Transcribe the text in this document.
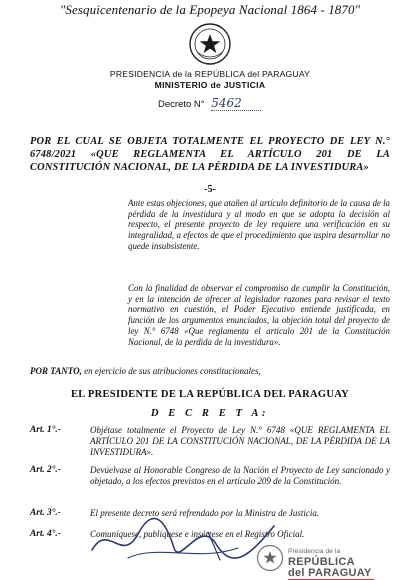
"Sesquicentenario de la Epopeya Nacional 1864 - 1870"
PRESIDENCIA de la REPÚBLICA del PARAGUAY
MINISTERIO de JUSTICIA
Decreto N° 5462
POR EL CUAL SE OBJETA TOTALMENTE EL PROYECTO DE LEY N.° 6748/2021 «QUE REGLAMENTA EL ARTÍCULO 201 DE LA CONSTITUCIÓN NACIONAL, DE LA PÉRDIDA DE LA INVESTIDURA»
-5-
Ante estas objeciones, que atañen al artículo definitorio de la causa de la pérdida de la investidura y al modo en que se adopta la decisión al respecto, el presente proyecto de ley requiere una verificación en su integralidad, a efectos de que el procedimiento que aspira desarrollar no quede insubsistente.
Con la finalidad de observar el compromiso de cumplir la Constitución, y en la intención de ofrecer al legislador razones para revisar el texto normativo en cuestión, el Poder Ejecutivo entiende justificada, en función de los argumentos enunciados, la objeción total del proyecto de ley N.° 6748 «Que reglamenta el artículo 201 de la Constitución Nacional, de la perdida de la investidura».
POR TANTO, en ejercicio de sus atribuciones constitucionales,
EL PRESIDENTE DE LA REPÚBLICA DEL PARAGUAY
D E C R E T A:
Art. 1°.-	Objétase totalmente el Proyecto de Ley N.° 6748 «QUE REGLAMENTA EL ARTÍCULO 201 DE LA CONSTITUCIÓN NACIONAL, DE LA PÉRDIDA DE LA INVESTIDURA».
Art. 2°.-	Devúelvase al Honorable Congreso de la Nación el Proyecto de Ley sancionado y objetado, a los efectos previstos en el artículo 209 de la Constitución.
Art. 3°.-	El presente decreto será refrendado por la Ministra de Justicia.
Art. 4°.-	Comuníquese, publíquese e insértese en el Registro Oficial.
Presidencia de la
REPÚBLICA
del PARAGUAY
